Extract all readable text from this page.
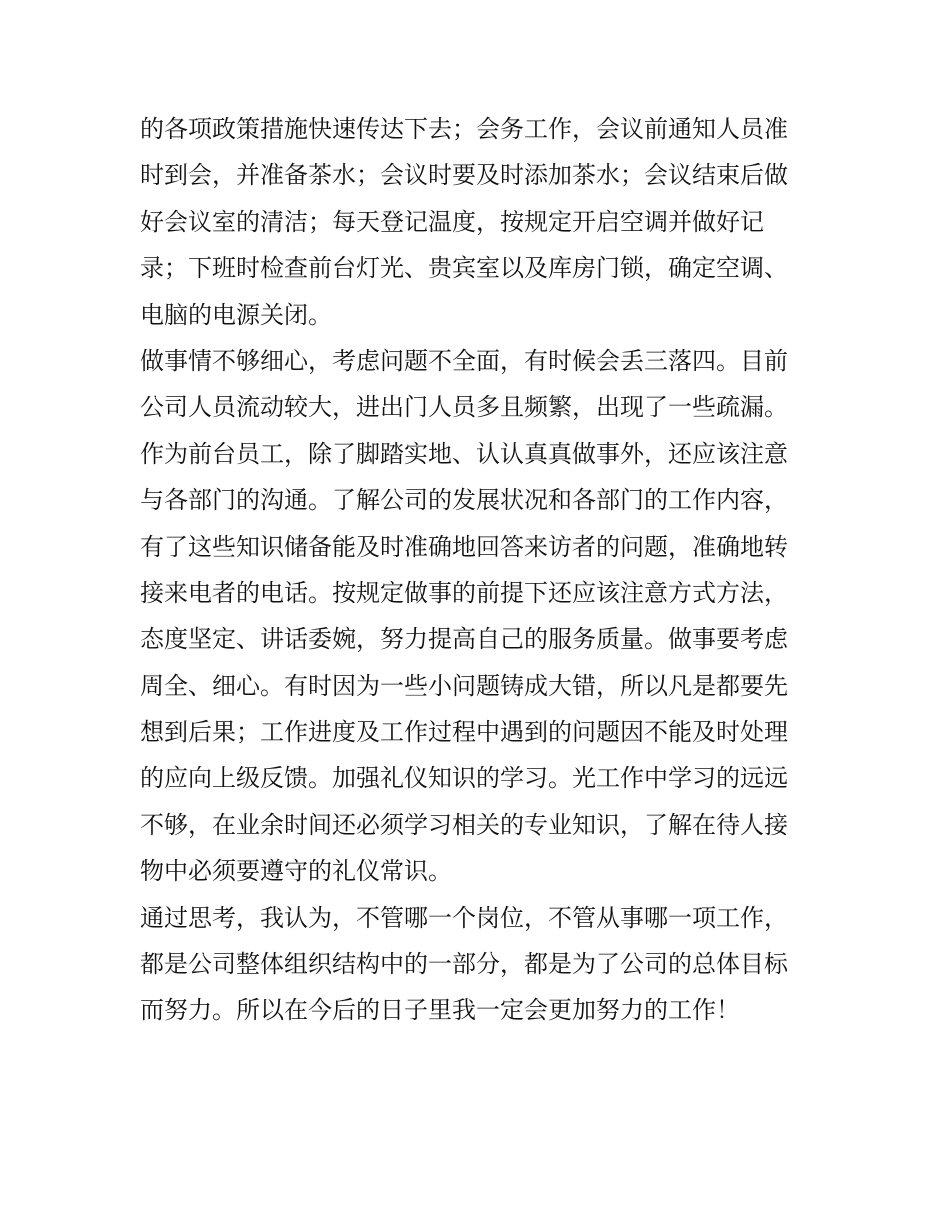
的各项政策措施快速传达下去；会务工作，会议前通知人员准
时到会，并准备茶水；会议时要及时添加茶水；会议结束后做
好会议室的清洁；每天登记温度，按规定开启空调并做好记
录；下班时检查前台灯光、贵宾室以及库房门锁，确定空调、
电脑的电源关闭。
做事情不够细心，考虑问题不全面，有时候会丢三落四。目前
公司人员流动较大，进出门人员多且频繁，出现了一些疏漏。
作为前台员工，除了脚踏实地、认认真真做事外，还应该注意
与各部门的沟通。了解公司的发展状况和各部门的工作内容，
有了这些知识储备能及时准确地回答来访者的问题，准确地转
接来电者的电话。按规定做事的前提下还应该注意方式方法，
态度坚定、讲话委婉，努力提高自己的服务质量。做事要考虑
周全、细心。有时因为一些小问题铸成大错，所以凡是都要先
想到后果；工作进度及工作过程中遇到的问题因不能及时处理
的应向上级反馈。加强礼仪知识的学习。光工作中学习的远远
不够，在业余时间还必须学习相关的专业知识，了解在待人接
物中必须要遵守的礼仪常识。
通过思考，我认为，不管哪一个岗位，不管从事哪一项工作，
都是公司整体组织结构中的一部分，都是为了公司的总体目标
而努力。所以在今后的日子里我一定会更加努力的工作！
